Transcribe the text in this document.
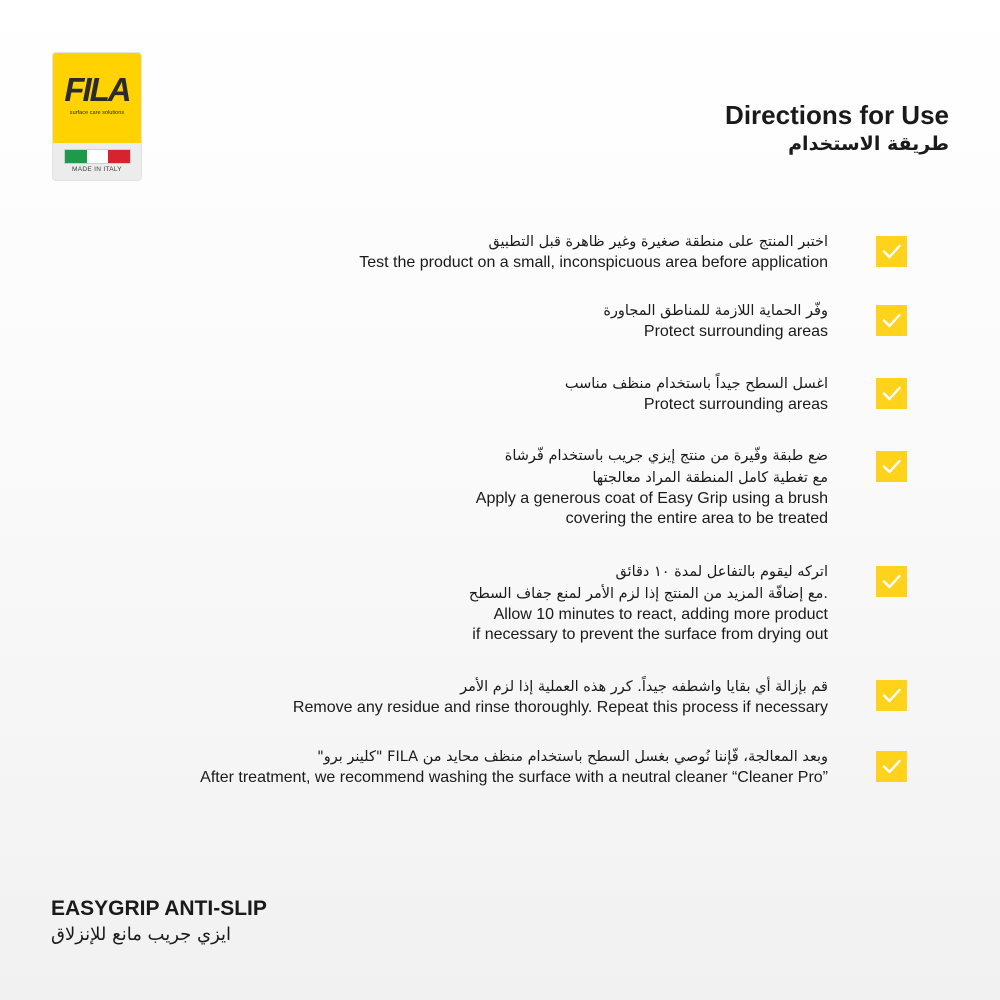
FILA
surface care solutions
MADE IN ITALY
Directions for Use
طريقة الاستخدام
اختبر المنتج على منطقة صغيرة وغير ظاهرة قبل التطبيق
Test the product on a small, inconspicuous area before application
وفّر الحماية اللازمة للمناطق المجاورة
Protect surrounding areas
اغسل السطح جيداً باستخدام منظف مناسب
Protect surrounding areas
ضع طبقة وفّيرة من منتج إيزي جريب باستخدام فّرشاة
مع تغطية كامل المنطقة المراد معالجتها
Apply a generous coat of Easy Grip using a brush
covering the entire area to be treated
اتركه ليقوم بالتفاعل لمدة ١٠ دقائق
.مع إضافّة المزيد من المنتج إذا لزم الأمر لمنع جفاف السطح
Allow 10 minutes to react, adding more product
if necessary to prevent the surface from drying out
قم بإزالة أي بقايا واشطفه جيداً. كرر هذه العملية إذا لزم الأمر
Remove any residue and rinse thoroughly. Repeat this process if necessary
وبعد المعالجة، فّإننا نُوصي بغسل السطح باستخدام منظف محايد من FILA "كلينر برو"
After treatment, we recommend washing the surface with a neutral cleaner “Cleaner Pro”
EASYGRIP ANTI-SLIP
ايزي جريب مانع للإنزلاق
